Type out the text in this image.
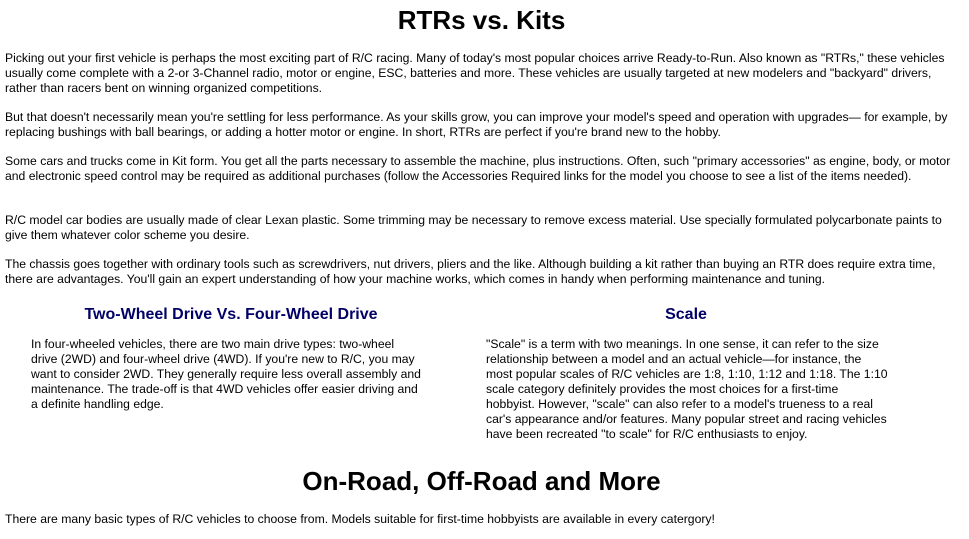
RTRs vs. Kits

Picking out your first vehicle is perhaps the most exciting part of R/C racing. Many of today's most popular choices arrive Ready-to-Run. Also known as "RTRs," these vehicles usually come complete with a 2-or 3-Channel radio, motor or engine, ESC, batteries and more. These vehicles are usually targeted at new modelers and "backyard" drivers, rather than racers bent on winning organized competitions.

But that doesn't necessarily mean you're settling for less performance. As your skills grow, you can improve your model's speed and operation with upgrades— for example, by replacing bushings with ball bearings, or adding a hotter motor or engine. In short, RTRs are perfect if you're brand new to the hobby.

Some cars and trucks come in Kit form. You get all the parts necessary to assemble the machine, plus instructions. Often, such "primary accessories" as engine, body, or motor and electronic speed control may be required as additional purchases (follow the Accessories Required links for the model you choose to see a list of the items needed).

R/C model car bodies are usually made of clear Lexan plastic. Some trimming may be necessary to remove excess material. Use specially formulated polycarbonate paints to give them whatever color scheme you desire.

The chassis goes together with ordinary tools such as screwdrivers, nut drivers, pliers and the like. Although building a kit rather than buying an RTR does require extra time, there are advantages. You'll gain an expert understanding of how your machine works, which comes in handy when performing maintenance and tuning.

Two-Wheel Drive Vs. Four-Wheel Drive	Scale

In four-wheeled vehicles, there are two main drive types: two-wheel drive (2WD) and four-wheel drive (4WD). If you're new to R/C, you may want to consider 2WD. They generally require less overall assembly and maintenance. The trade-off is that 4WD vehicles offer easier driving and a definite handling edge.

"Scale" is a term with two meanings. In one sense, it can refer to the size relationship between a model and an actual vehicle—for instance, the most popular scales of R/C vehicles are 1:8, 1:10, 1:12 and 1:18. The 1:10 scale category definitely provides the most choices for a first-time hobbyist. However, "scale" can also refer to a model's trueness to a real car's appearance and/or features. Many popular street and racing vehicles have been recreated "to scale" for R/C enthusiasts to enjoy.

On-Road, Off-Road and More

There are many basic types of R/C vehicles to choose from. Models suitable for first-time hobbyists are available in every catergory!
